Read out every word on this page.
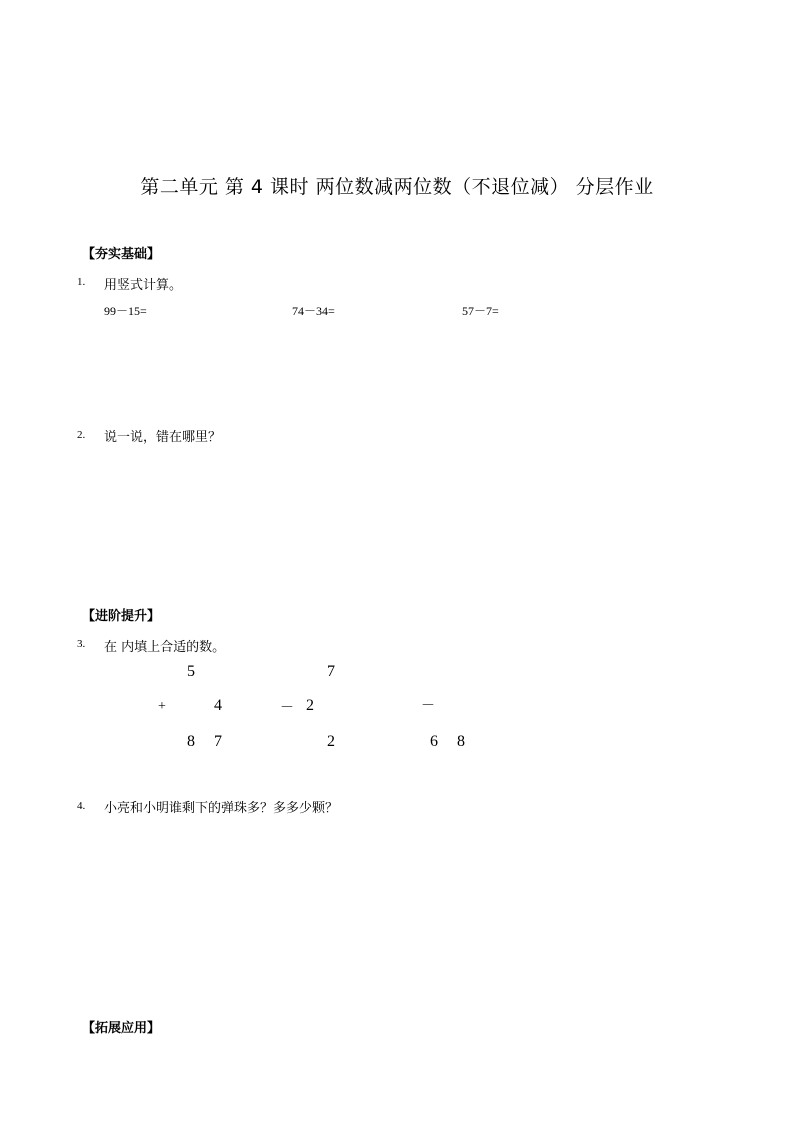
第二单元 第 4 课时 两位数减两位数（不退位减） 分层作业
【夯实基础】
1. 用竖式计算。
99－15=	74－34=	57－7=
2. 说一说，错在哪里？
【进阶提升】
3. 在 内填上合适的数。
5
+	4
8 7
7
－ 2
2
－
6 8
4. 小亮和小明谁剩下的弹珠多？多多少颗？
【拓展应用】
